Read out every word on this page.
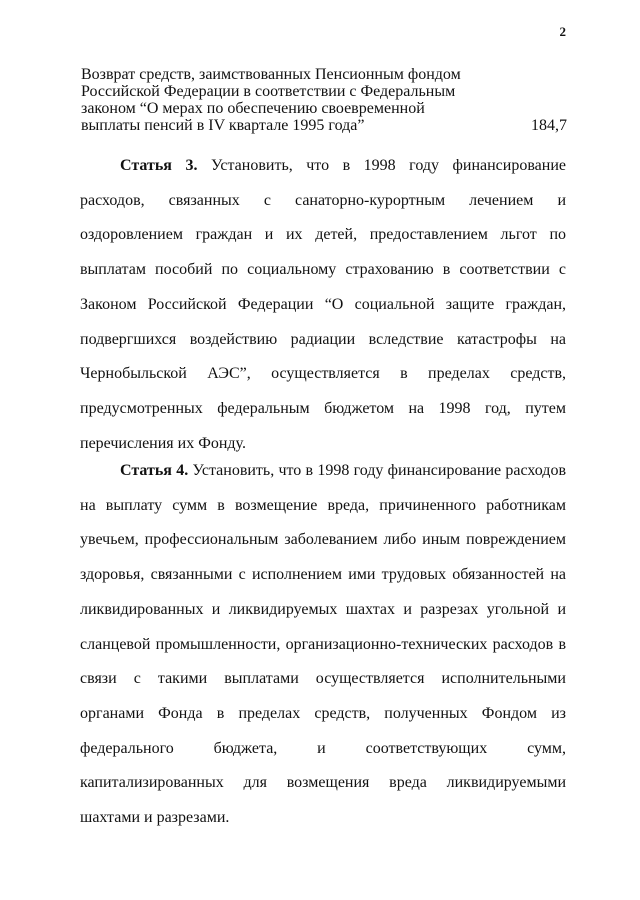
2
Возврат средств, заимствованных Пенсионным фондом Российской Федерации в соответствии с Федеральным законом “О мерах по обеспечению своевременной выплаты пенсий в IV квартале 1995 года”	184,7

Статья 3. Установить, что в 1998 году финансирование расходов, связанных с санаторно-курортным лечением и оздоровлением граждан и их детей, предоставлением льгот по выплатам пособий по социальному страхованию в соответствии с Законом Российской Федерации “О социальной защите граждан, подвергшихся воздействию радиации вследствие катастрофы на Чернобыльской АЭС”, осуществляется в пределах средств, предусмотренных федеральным бюджетом на 1998 год, путем перечисления их Фонду.

Статья 4. Установить, что в 1998 году финансирование расходов на выплату сумм в возмещение вреда, причиненного работникам увечьем, профессиональным заболеванием либо иным повреждением здоровья, связанными с исполнением ими трудовых обязанностей на ликвидированных и ликвидируемых шахтах и разрезах угольной и сланцевой промышленности, организационно-технических расходов в связи с такими выплатами осуществляется исполнительными органами Фонда в пределах средств, полученных Фондом из федерального бюджета, и соответствующих сумм, капитализированных для возмещения вреда ликвидируемыми шахтами и разрезами.
